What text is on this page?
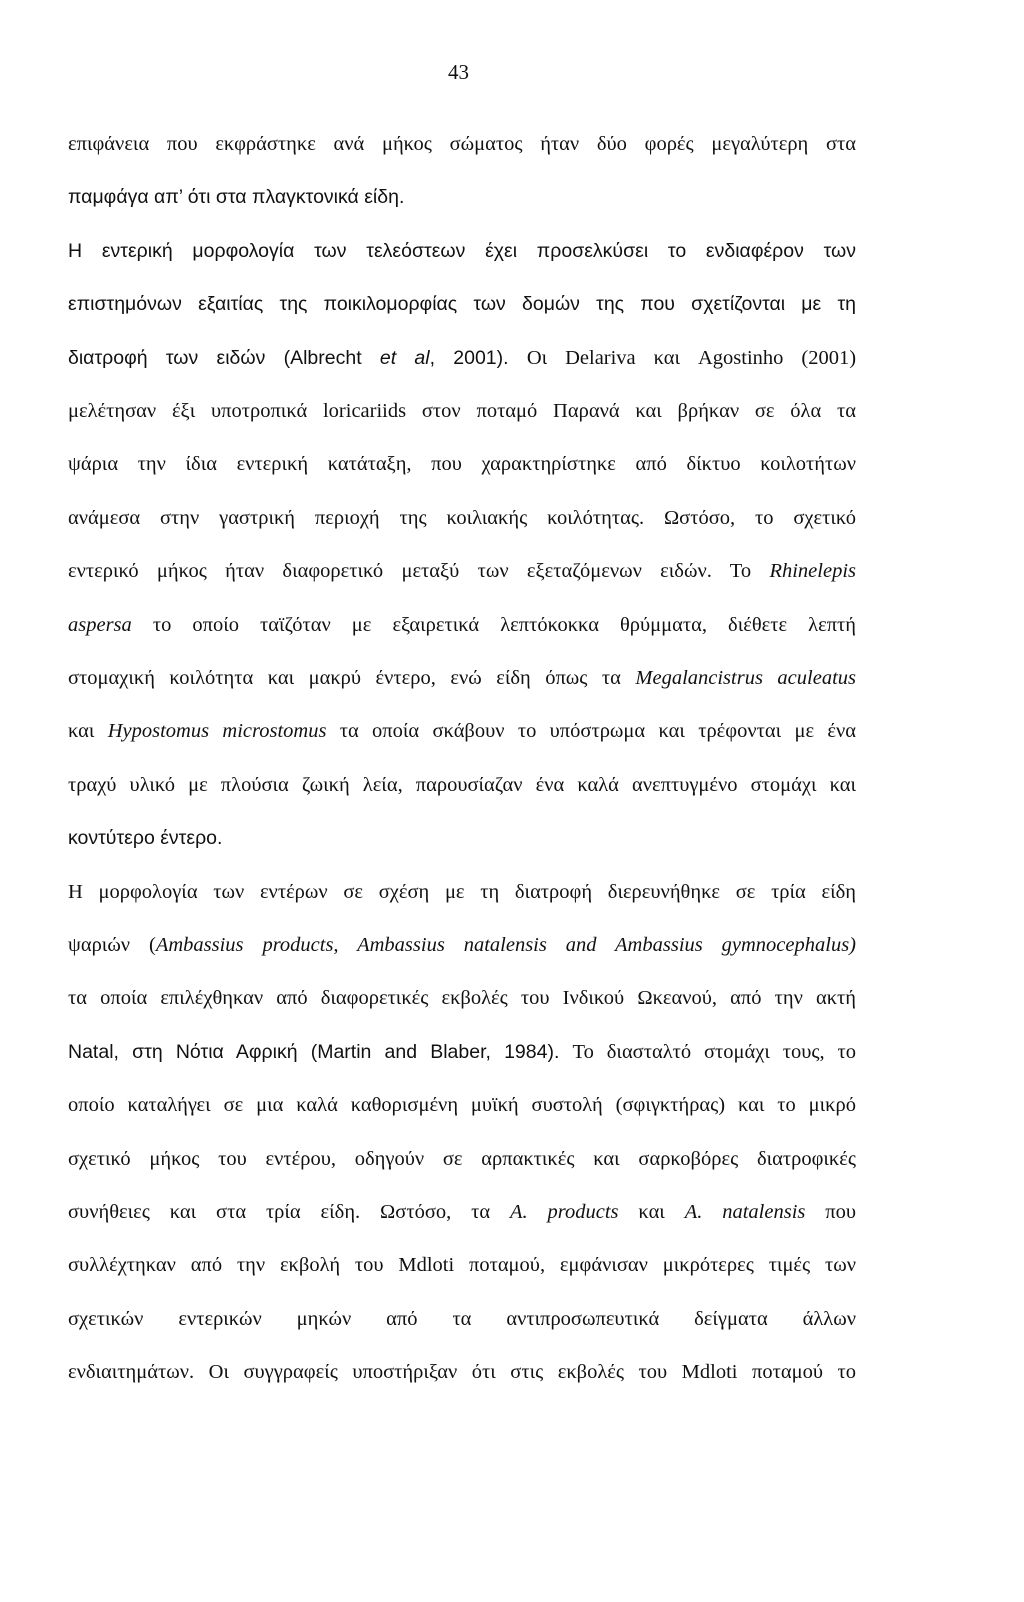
43
επιφάνεια που εκφράστηκε ανά μήκος σώματος ήταν δύο φορές μεγαλύτερη στα
παμφάγα απ’ ότι στα πλαγκτονικά είδη.
Η εντερική μορφολογία των τελεόστεων έχει προσελκύσει το ενδιαφέρον των
επιστημόνων εξαιτίας της ποικιλομορφίας των δομών της που σχετίζονται με τη
διατροφή των ειδών (Albrecht et al, 2001). Οι Delariva και Agostinho (2001)
μελέτησαν έξι υποτροπικά loricariids στον ποταμό Παρανά και βρήκαν σε όλα τα
ψάρια την ίδια εντερική κατάταξη, που χαρακτηρίστηκε από δίκτυο κοιλοτήτων
ανάμεσα στην γαστρική περιοχή της κοιλιακής κοιλότητας. Ωστόσο, το σχετικό
εντερικό μήκος ήταν διαφορετικό μεταξύ των εξεταζόμενων ειδών. Το Rhinelepis
aspersa το οποίο ταϊζόταν με εξαιρετικά λεπτόκοκκα θρύμματα, διέθετε λεπτή
στομαχική κοιλότητα και μακρύ έντερο, ενώ είδη όπως τα Megalancistrus aculeatus
και Hypostomus microstomus τα οποία σκάβουν το υπόστρωμα και τρέφονται με ένα
τραχύ υλικό με πλούσια ζωική λεία, παρουσίαζαν ένα καλά ανεπτυγμένο στομάχι και
κοντύτερο έντερο.
Η μορφολογία των εντέρων σε σχέση με τη διατροφή διερευνήθηκε σε τρία είδη
ψαριών (Ambassius products, Ambassius natalensis and Ambassius gymnocephalus)
τα οποία επιλέχθηκαν από διαφορετικές εκβολές του Ινδικού Ωκεανού, από την ακτή
Natal, στη Νότια Αφρική (Martin and Blaber, 1984). Το διασταλτό στομάχι τους, το
οποίο καταλήγει σε μια καλά καθορισμένη μυϊκή συστολή (σφιγκτήρας) και το μικρό
σχετικό μήκος του εντέρου, οδηγούν σε αρπακτικές και σαρκοβόρες διατροφικές
συνήθειες και στα τρία είδη. Ωστόσο, τα A. products και A. natalensis που
συλλέχτηκαν από την εκβολή του Mdloti ποταμού, εμφάνισαν μικρότερες τιμές των
σχετικών εντερικών μηκών από τα αντιπροσωπευτικά δείγματα άλλων
ενδιαιτημάτων. Οι συγγραφείς υποστήριξαν ότι στις εκβολές του Mdloti ποταμού το
